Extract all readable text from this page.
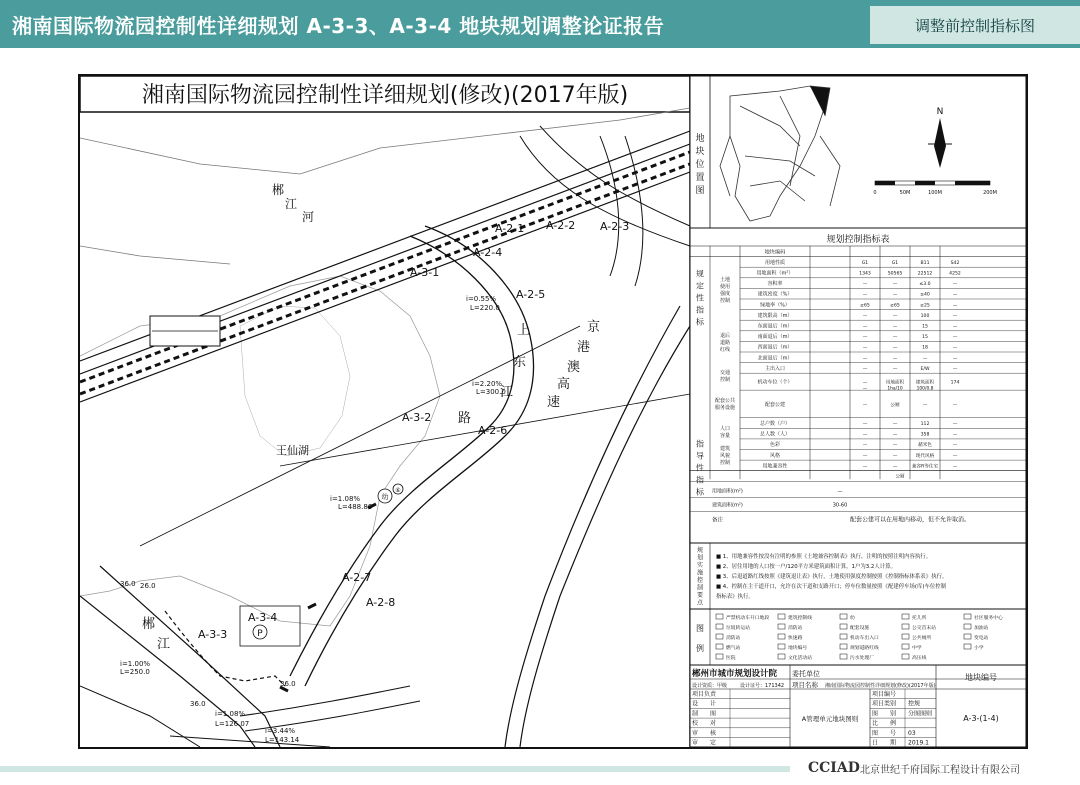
湘南国际物流园控制性详细规划 A-3-3、A-3-4 地块规划调整论证报告	调整前控制指标图
湘南国际物流园控制性详细规划(修改)(2017年版)
P
幼
⑥
郴
江
河
王仙湖
上
东
江
路
京
港
澳
高
速
郴
江
A-2-1 A-2-2 A-2-3
A-2-4
A-3-1
A-2-5
A-3-2
A-2-6
A-2-7
A-2-8
A-3-4
A-3-3
i=0.55%
L=220.0
i=2.20%
L=300.0
i=1.08%
L=488.86
i=1.08%
L=126.07
i=3.44%
L=143.14
i=1.00%
L=250.0
36.0
36.0
26.0
36.0
地
块
位
置
图
N
0	50M	100M	200M
规划控制指标表
地块编码
用地性质	G1	G1	B11	S42
用地面积（m²）	1343	50565	22512	4252
容积率	—	—	≤3.0	—
建筑密度（%）	—	—	≤40	—
绿地率（%）	≥65	≥65	≥25	—
建筑限高（m）	—	—	100	—
东面退后（m）	—	—	15	—
南面退后（m）	—	—	15	—
西面退后（m）	—	—	18	—
北面退后（m）	—	—	—	—
主出入口	—	—	E/W	—
机动车位（个）	—	用地面积	建筑面积	174
—	1ha/10	100/0.8
配套公建	—	公厕	—	—
总户数（户）	—	—	112	—
总人数（人）	—	—	358	—
色彩	—	—	赭米色	—
风格	—	—	现代风格	—
用地兼容性	—	—	兼容R等住宅	—
规
定
性
指
标
指
导
性
指
标
土地
使用
强度
控制
退后
道路
红线
交通
控制
配套公共
服务设施
人口
容量
建筑
风貌
控制
公厕
用地面积(m²)	—
建筑面积(m²)	30-60
备注	配套公建可以在用地内移动，但不允许取消。
规
划
实
施
控
制
要
点
■ 1、用地兼容性按没有注明的参照《土地兼容控制表》执行，注明的按照注明内容执行。
■ 2、居住用地的人口按一户/120平方米建筑面积计算，1户为3.2人计算。
■ 3、后退道路红线按照《建筑退让表》执行，土地使用强度控制按照《控制指标体系表》执行。
■ 4、控制在主干道开口，允许在次干道和支路开口；停车位数量按照《配建停车场(库)车位控制
指标表》执行。
图
例
严禁机动车开口地段	建筑控制线	幼	托儿所	社区服务中心
垃圾转运站	消防站	配套设施	公交首末站	加油站
消防站	快速路	机动车出入口	公共厕所	变电站
燃气站	地块编号	规划道路红线	中学	小学
医院	文化活动站	污水处理厂	高压线
郴州市城市规划设计院 委托单位
设计资质：甲级	设计证号：171342 项目名称 湘南国际物流园控制性详细规划(修改)(2017年版)
地块编号
项目负责
设　　计
制　　图
校　　对
审　　核
审　　定
A管理单元地块图则
项目编号
项目类别 控规
图　　别 分图图则
比　　例
图　　号 03
日　　期 2019.1
A-3-(1-4)
CCIAD 北京世纪千府国际工程设计有限公司
